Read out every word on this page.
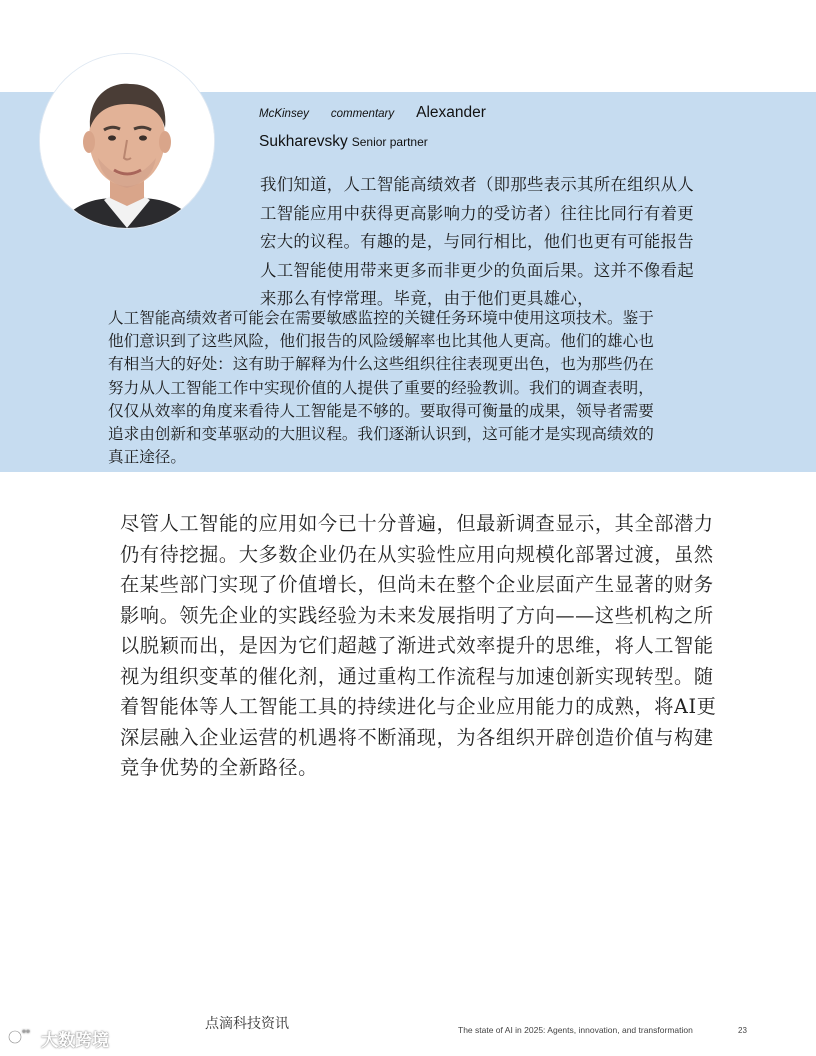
McKinsey commentary Alexander
Sukharevsky Senior partner
我们知道，人工智能高绩效者（即那些表示其所在组织从人
工智能应用中获得更高影响力的受访者）往往比同行有着更
宏大的议程。有趣的是，与同行相比，他们也更有可能报告
人工智能使用带来更多而非更少的负面后果。这并不像看起
来那么有悖常理。毕竟，由于他们更具雄心，
人工智能高绩效者可能会在需要敏感监控的关键任务环境中使用这项技术。鉴于
他们意识到了这些风险，他们报告的风险缓解率也比其他人更高。他们的雄心也
有相当大的好处：这有助于解释为什么这些组织往往表现更出色，也为那些仍在
努力从人工智能工作中实现价值的人提供了重要的经验教训。我们的调查表明，
仅仅从效率的角度来看待人工智能是不够的。要取得可衡量的成果，领导者需要
追求由创新和变革驱动的大胆议程。我们逐渐认识到，这可能才是实现高绩效的
真正途径。
尽管人工智能的应用如今已十分普遍，但最新调查显示，其全部潜力
仍有待挖掘。大多数企业仍在从实验性应用向规模化部署过渡，虽然
在某些部门实现了价值增长，但尚未在整个企业层面产生显著的财务
影响。领先企业的实践经验为未来发展指明了方向——这些机构之所
以脱颖而出，是因为它们超越了渐进式效率提升的思维，将人工智能
视为组织变革的催化剂，通过重构工作流程与加速创新实现转型。随
着智能体等人工智能工具的持续进化与企业应用能力的成熟，将AI更
深层融入企业运营的机遇将不断涌现，为各组织开辟创造价值与构建
竞争优势的全新路径。
°° 大数跨境
点滴科技资讯	The state of AI in 2025: Agents, innovation, and transformation	23
